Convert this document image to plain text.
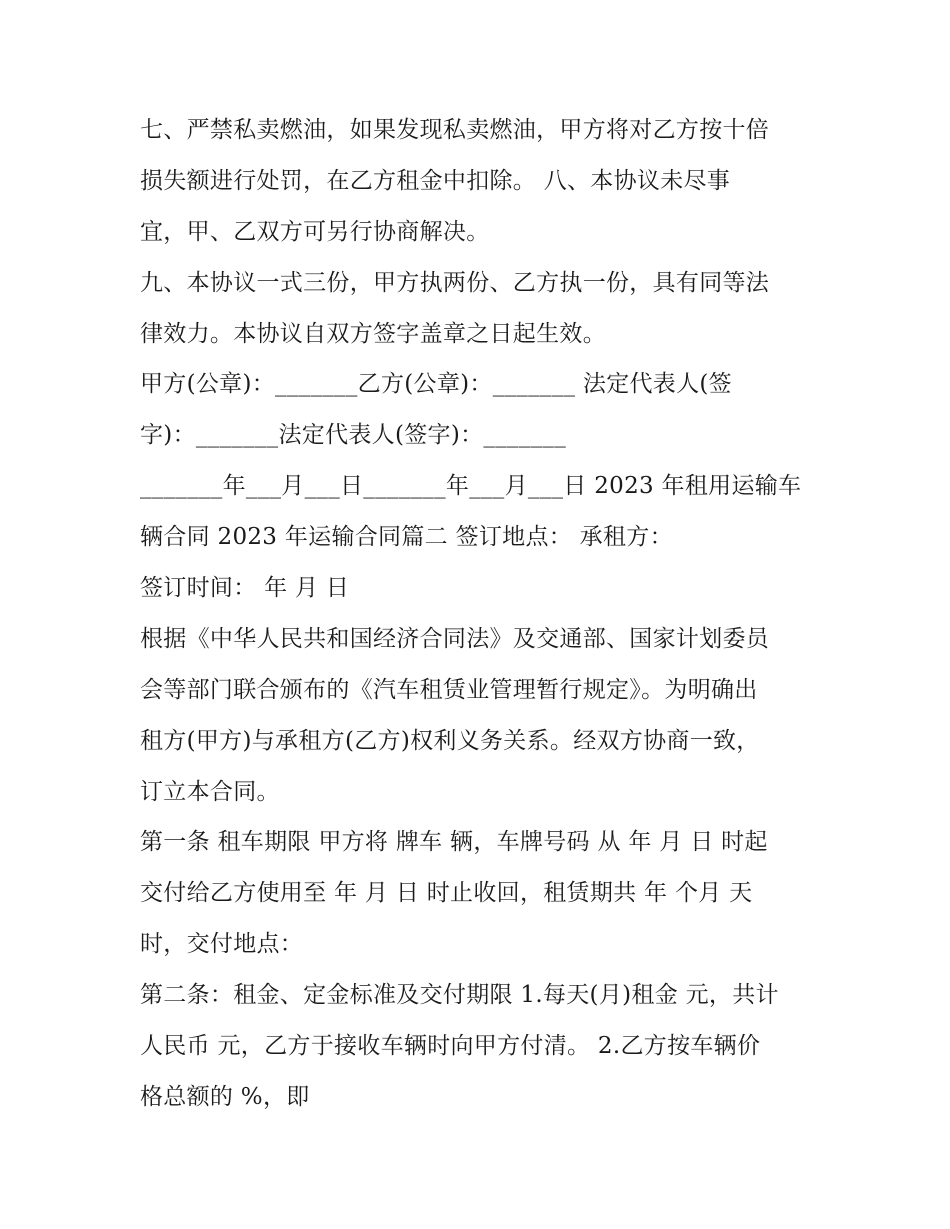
七、严禁私卖燃油，如果发现私卖燃油，甲方将对乙方按十倍
损失额进行处罚，在乙方租金中扣除。 八、本协议未尽事
宜，甲、乙双方可另行协商解决。
九、本协议一式三份，甲方执两份、乙方执一份，具有同等法
律效力。本协议自双方签字盖章之日起生效。
甲方(公章)：_______乙方(公章)：_______ 法定代表人(签
字)：_______法定代表人(签字)：_______
_______年___月___日_______年___月___日 2023 年租用运输车
辆合同 2023 年运输合同篇二 签订地点： 承租方：
签订时间： 年 月 日
根据《中华人民共和国经济合同法》及交通部、国家计划委员
会等部门联合颁布的《汽车租赁业管理暂行规定》。为明确出
租方(甲方)与承租方(乙方)权利义务关系。经双方协商一致，
订立本合同。
第一条 租车期限 甲方将 牌车 辆，车牌号码 从 年 月 日 时起
交付给乙方使用至 年 月 日 时止收回，租赁期共 年 个月 天
时，交付地点：
第二条：租金、定金标准及交付期限 1.每天(月)租金 元，共计
人民币 元，乙方于接收车辆时向甲方付清。 2.乙方按车辆价
格总额的 %，即
